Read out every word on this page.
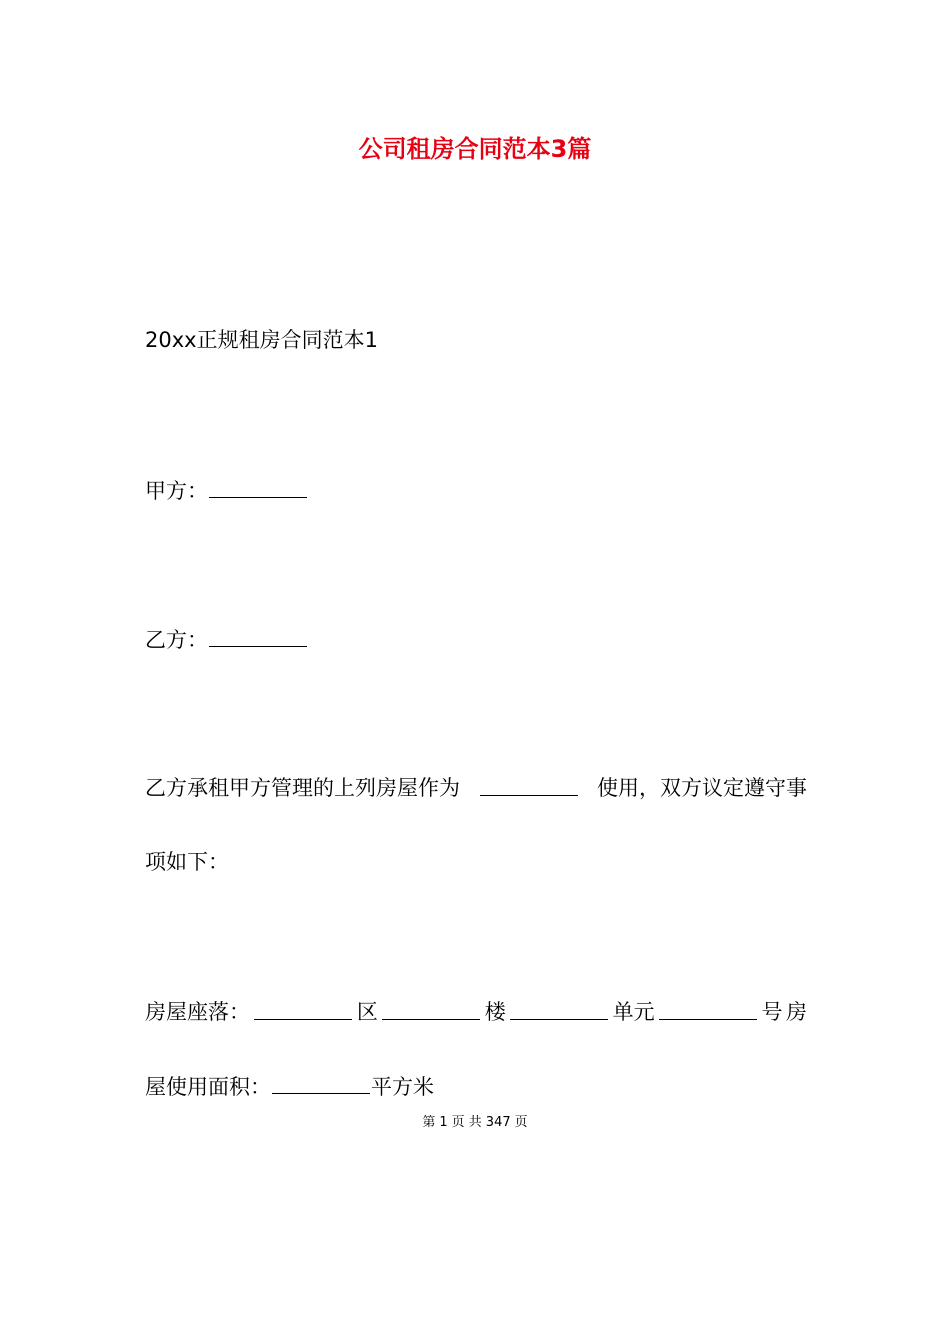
公司租房合同范本3篇
20xx正规租房合同范本1
甲方：
乙方：
乙方承租甲方管理的上列房屋作为	使用，双方议定遵守事
项如下：
房屋座落：	区	楼	单元	号 房
屋使用面积：	平方米
第 1 页 共 347 页
